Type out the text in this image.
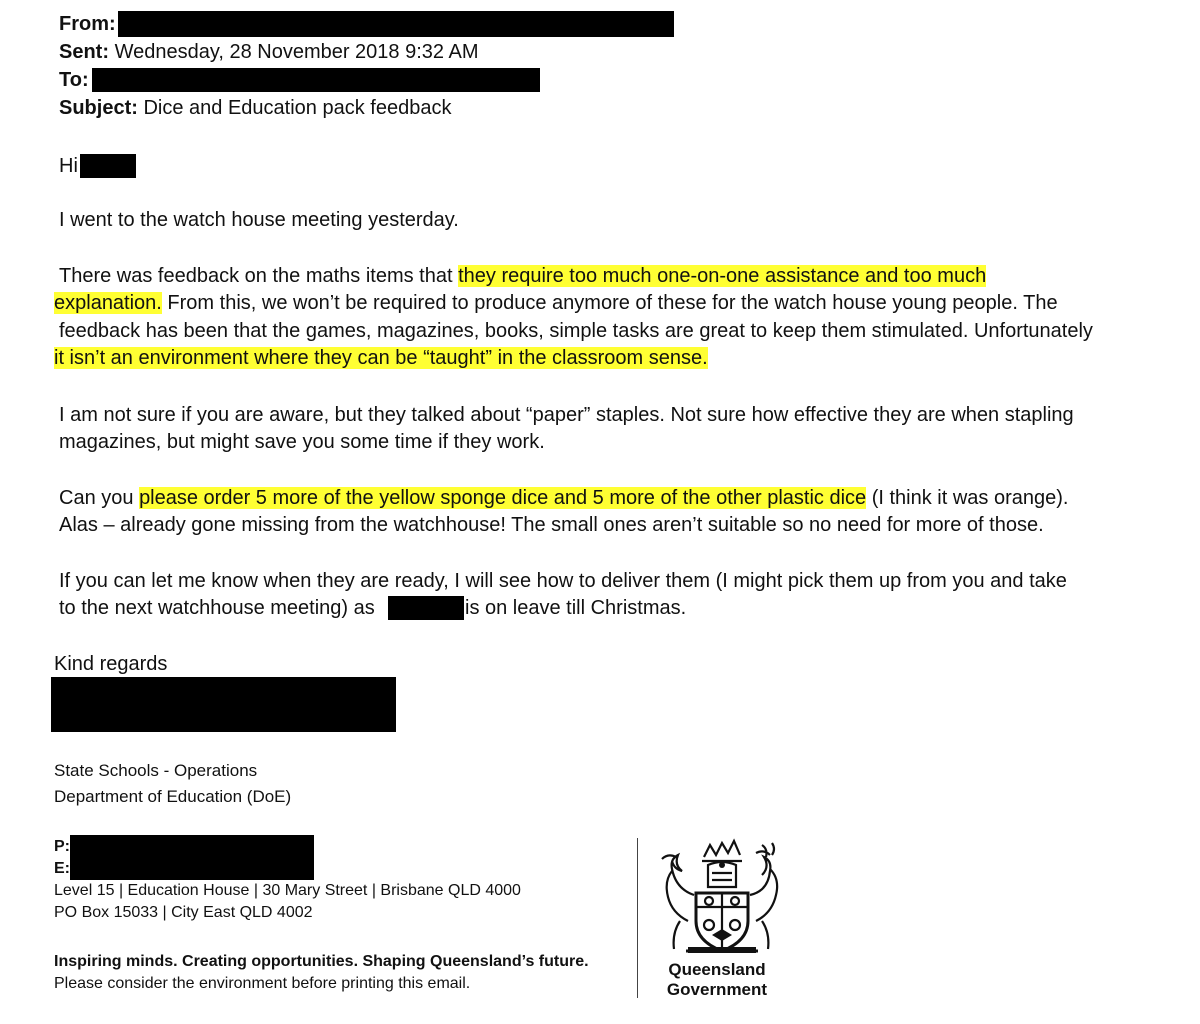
From:
Sent: Wednesday, 28 November 2018 9:32 AM
To:
Subject: Dice and Education pack feedback
Hi
I went to the watch house meeting yesterday.
There was feedback on the maths items that they require too much one-on-one assistance and too much
explanation. From this, we won’t be required to produce anymore of these for the watch house young people. The
feedback has been that the games, magazines, books, simple tasks are great to keep them stimulated. Unfortunately
it isn’t an environment where they can be “taught” in the classroom sense.
I am not sure if you are aware, but they talked about “paper” staples. Not sure how effective they are when stapling
magazines, but might save you some time if they work.
Can you please order 5 more of the yellow sponge dice and 5 more of the other plastic dice (I think it was orange).
Alas – already gone missing from the watchhouse! The small ones aren’t suitable so no need for more of those.
If you can let me know when they are ready, I will see how to deliver them (I might pick them up from you and take
to the next watchhouse meeting) as	is on leave till Christmas.
Kind regards
State Schools - Operations
Department of Education (DoE)
P:
E:
Level 15 | Education House | 30 Mary Street | Brisbane QLD 4000
PO Box 15033 | City East QLD 4002
Inspiring minds. Creating opportunities. Shaping Queensland’s future.
Please consider the environment before printing this email.
Queensland
Government
